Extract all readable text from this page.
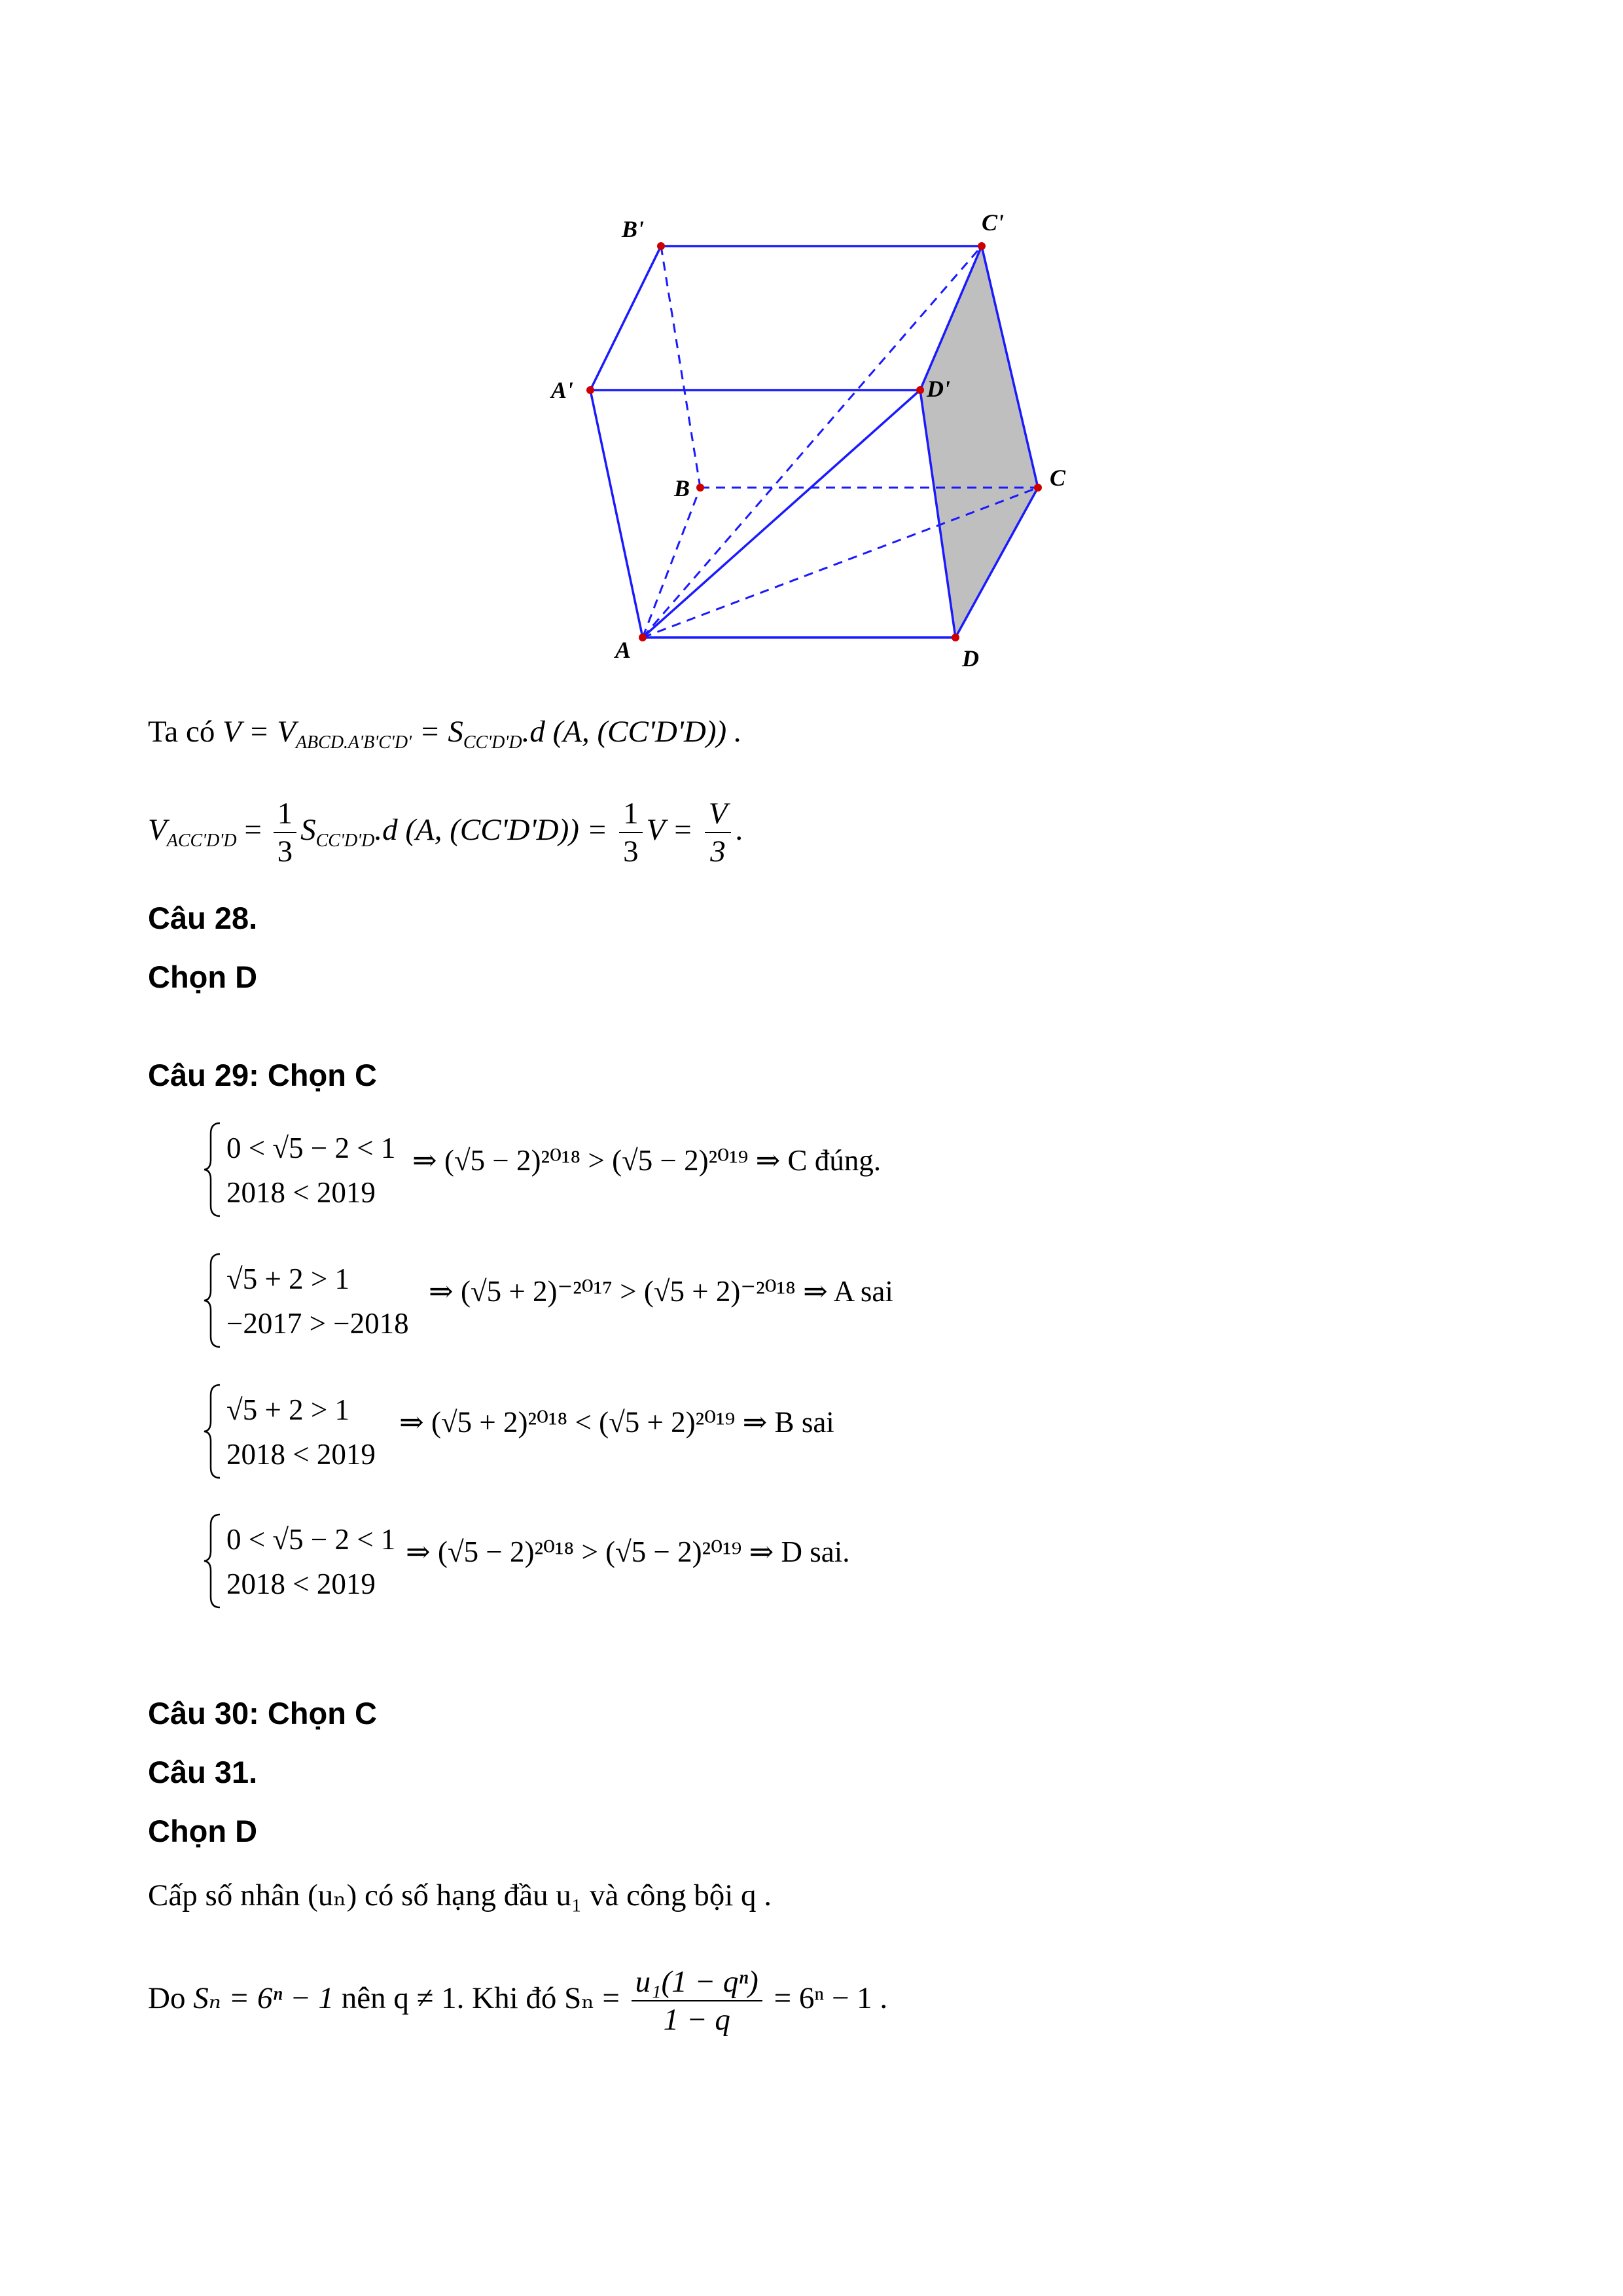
B'	C'
A'	D'
B	C
A	D
Ta có $V = V_{ABCD.A'B'C'D'} = S_{CC'D'D}.d$ (A, (CC'D'D)) .
$V_{ACC'D'D} = \frac{1}{3} S_{CC'D'D}.d$ (A, $(CC'D'D)) = \frac{1}{3}$ $V = \frac{V}{3}$ .
Câu 28.
Chọn D
Câu 29: Chọn C
0 < √5 − 2 < 1
2018 < 2019
⇒ (√5 − 2)²⁰¹⁸ > (√5 − 2)²⁰¹⁹ ⇒ C đúng.
√5 + 2 > 1
−2017 > −2018
⇒ (√5 + 2)⁻²⁰¹⁷ > (√5 + 2)⁻²⁰¹⁸ ⇒ A sai
√5 + 2 > 1
2018 < 2019
⇒ (√5 + 2)²⁰¹⁸ < (√5 + 2)²⁰¹⁹ ⇒ B sai
0 < √5 − 2 < 1
2018 < 2019
⇒ (√5 − 2)²⁰¹⁸ > (√5 − 2)²⁰¹⁹ ⇒ D sai.
Câu 30: Chọn C
Câu 31.
Chọn D
Cấp số nhân (uₙ) có số hạng đầu u₁ và công bội q .
Do Sₙ = 6ⁿ − 1 nên q ≠ 1. Khi đó $S_n = \frac{\text{u₁(1 − qⁿ)}}{1 - q} = 6^n - 1$ .
